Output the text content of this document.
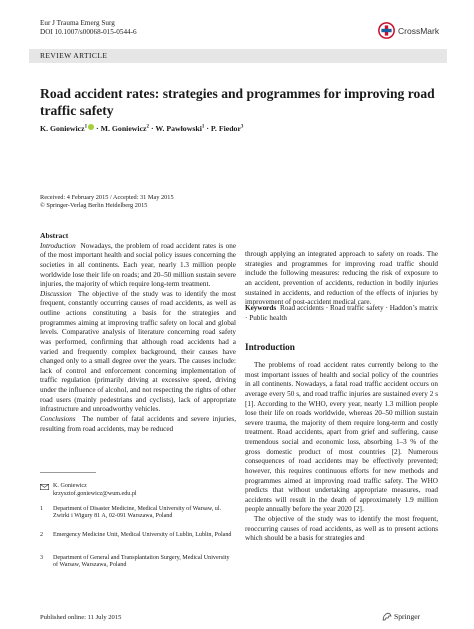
Eur J Trauma Emerg Surg
DOI 10.1007/s00068-015-0544-6	CrossMark
REVIEW ARTICLE
Road accident rates: strategies and programmes for improving road traffic safety
K. Goniewicz$^1$ · M. Goniewicz$^2$ · W. Pawłowski$^1$ · P. Fiedor$^3$
Received: 4 February 2015 / Accepted: 31 May 2015
© Springer-Verlag Berlin Heidelberg 2015
Abstract

Introduction Nowadays, the problem of road accident rates is one of the most important health and social policy issues concerning the societies in all continents. Each year, nearly 1.3 million people worldwide lose their life on roads; and 20–50 million sustain severe injuries, the majority of which require long-term treatment.

Discussion The objective of the study was to identify the most frequent, constantly occurring causes of road accidents, as well as outline actions constituting a basis for the strategies and programmes aiming at improving traffic safety on local and global levels. Comparative analysis of literature concerning road safety was performed, confirming that although road accidents had a varied and frequently complex background, their causes have changed only to a small degree over the years. The causes include: lack of control and enforcement concerning implementation of traffic regulation (primarily driving at excessive speed, driving under the influence of alcohol, and not respecting the rights of other road users (mainly pedestrians and cyclists), lack of appropriate infrastructure and unroadworthy vehicles.

Conclusions The number of fatal accidents and severe injuries, resulting from road accidents, may be reduced

K. Goniewicz
krzysztof.goniewicz@wum.edu.pl
1 Department of Disaster Medicine, Medical University of Warsaw, ul. Zwirki i Wigury 81 A, 02-091 Warszawa, Poland
2 Emergency Medicine Unit, Medical University of Lublin, Lublin, Poland
3 Department of General and Transplantation Surgery, Medical University of Warsaw, Warszawa, Poland

through applying an integrated approach to safety on roads. The strategies and programmes for improving road traffic should include the following measures: reducing the risk of exposure to an accident, prevention of accidents, reduction in bodily injuries sustained in accidents, and reduction of the effects of injuries by improvement of post-accident medical care.

Keywords Road accidents · Road traffic safety · Haddon’s matrix · Public health

Introduction

The problems of road accident rates currently belong to the most important issues of health and social policy of the countries in all continents. Nowadays, a fatal road traffic accident occurs on average every 50 s, and road traffic injuries are sustained every 2 s [1]. According to the WHO, every year, nearly 1.3 million people lose their life on roads worldwide, whereas 20–50 million sustain severe trauma, the majority of them require long-term and costly treatment. Road accidents, apart from grief and suffering, cause tremendous social and economic loss, absorbing 1–3 % of the gross domestic product of most countries [2]. Numerous consequences of road accidents may be effectively prevented; however, this requires continuous efforts for new methods and programmes aimed at improving road traffic safety. The WHO predicts that without undertaking appropriate measures, road accidents will result in the death of approximately 1.9 million people annually before the year 2020 [2].

The objective of the study was to identify the most frequent, reoccurring causes of road accidents, as well as to present actions which should be a basis for strategies and

Published online: 11 July 2015	Springer
